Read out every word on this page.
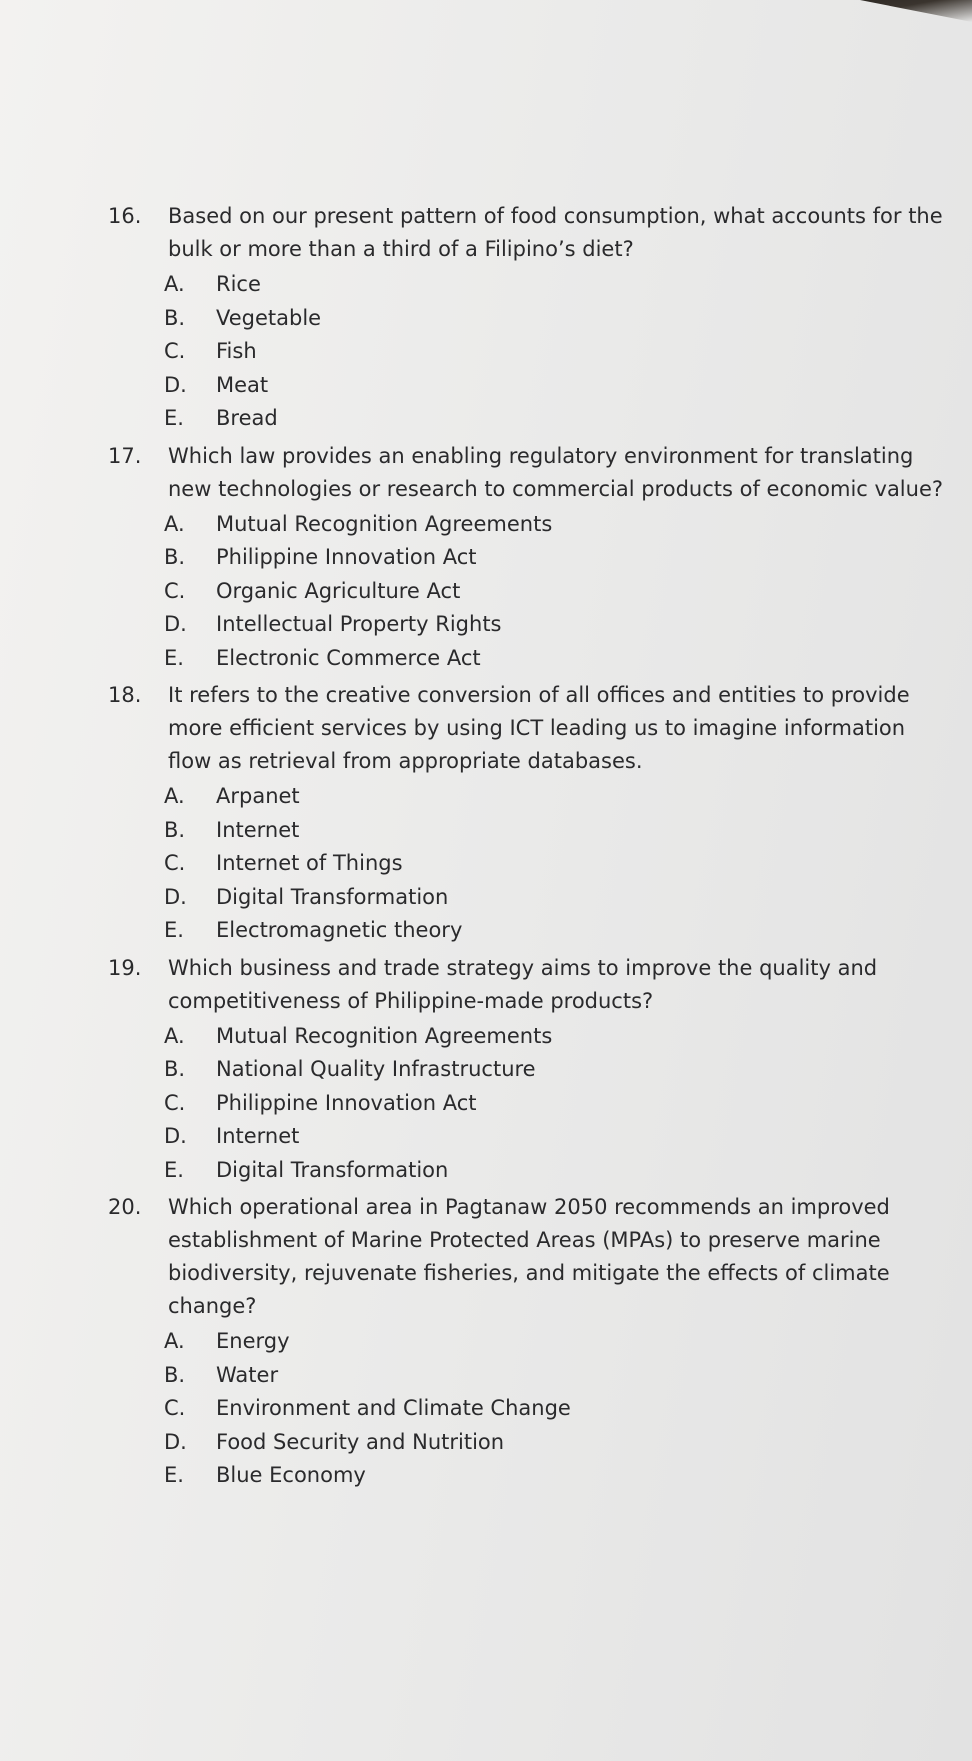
16.	Based on our present pattern of food consumption, what accounts for the bulk or more than a third of a Filipino’s diet?
A.	Rice
B.	Vegetable
C.	Fish
D.	Meat
E.	Bread
17.	Which law provides an enabling regulatory environment for translating new technologies or research to commercial products of economic value?
A.	Mutual Recognition Agreements
B.	Philippine Innovation Act
C.	Organic Agriculture Act
D.	Intellectual Property Rights
E.	Electronic Commerce Act
18.	It refers to the creative conversion of all offices and entities to provide more efficient services by using ICT leading us to imagine information flow as retrieval from appropriate databases.
A.	Arpanet
B.	Internet
C.	Internet of Things
D.	Digital Transformation
E.	Electromagnetic theory
19.	Which business and trade strategy aims to improve the quality and competitiveness of Philippine-made products?
A.	Mutual Recognition Agreements
B.	National Quality Infrastructure
C.	Philippine Innovation Act
D.	Internet
E.	Digital Transformation
20.	Which operational area in Pagtanaw 2050 recommends an improved establishment of Marine Protected Areas (MPAs) to preserve marine biodiversity, rejuvenate fisheries, and mitigate the effects of climate change?
A.	Energy
B.	Water
C.	Environment and Climate Change
D.	Food Security and Nutrition
E.	Blue Economy
